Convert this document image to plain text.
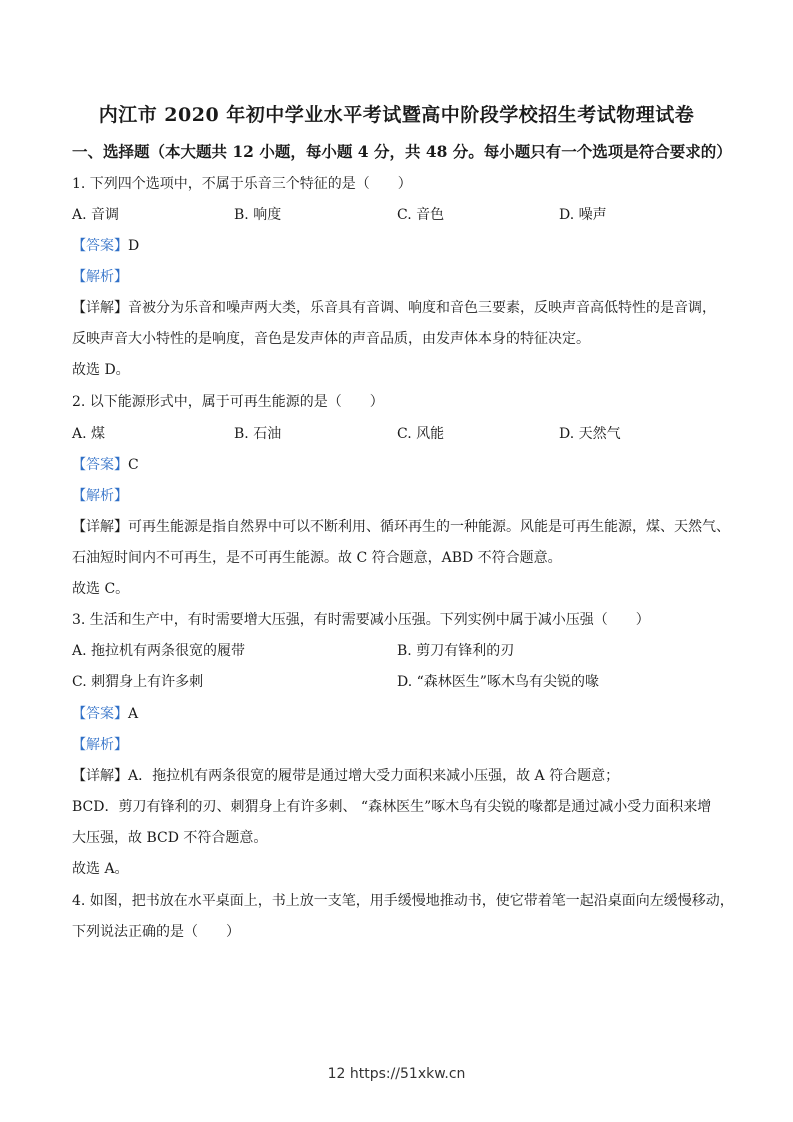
内江市 2020 年初中学业水平考试暨高中阶段学校招生考试物理试卷
一、选择题（本大题共 12 小题，每小题 4 分，共 48 分。每小题只有一个选项是符合要求的）
1. 下列四个选项中，不属于乐音三个特征的是（　　）
A. 音调	B. 响度	C. 音色	D. 噪声
【答案】D
【解析】
【详解】音被分为乐音和噪声两大类，乐音具有音调、响度和音色三要素，反映声音高低特性的是音调，
反映声音大小特性的是响度，音色是发声体的声音品质，由发声体本身的特征决定。
故选 D。
2. 以下能源形式中，属于可再生能源的是（　　）
A. 煤	B. 石油	C. 风能	D. 天然气
【答案】C
【解析】
【详解】可再生能源是指自然界中可以不断利用、循环再生的一种能源。风能是可再生能源，煤、天然气、
石油短时间内不可再生，是不可再生能源。故 C 符合题意，ABD 不符合题意。
故选 C。
3. 生活和生产中，有时需要增大压强，有时需要减小压强。下列实例中属于减小压强（　　）
A. 拖拉机有两条很宽的履带	B. 剪刀有锋利的刃
C. 刺猬身上有许多刺	D. “森林医生”啄木鸟有尖锐的喙
【答案】A
【解析】
【详解】A．拖拉机有两条很宽的履带是通过增大受力面积来减小压强，故 A 符合题意；
BCD．剪刀有锋利的刃、刺猬身上有许多刺、 “森林医生”啄木鸟有尖锐的喙都是通过减小受力面积来增
大压强，故 BCD 不符合题意。
故选 A。
4. 如图，把书放在水平桌面上，书上放一支笔，用手缓慢地推动书，使它带着笔一起沿桌面向左缓慢移动，
下列说法正确的是（　　）
12 https://51xkw.cn
